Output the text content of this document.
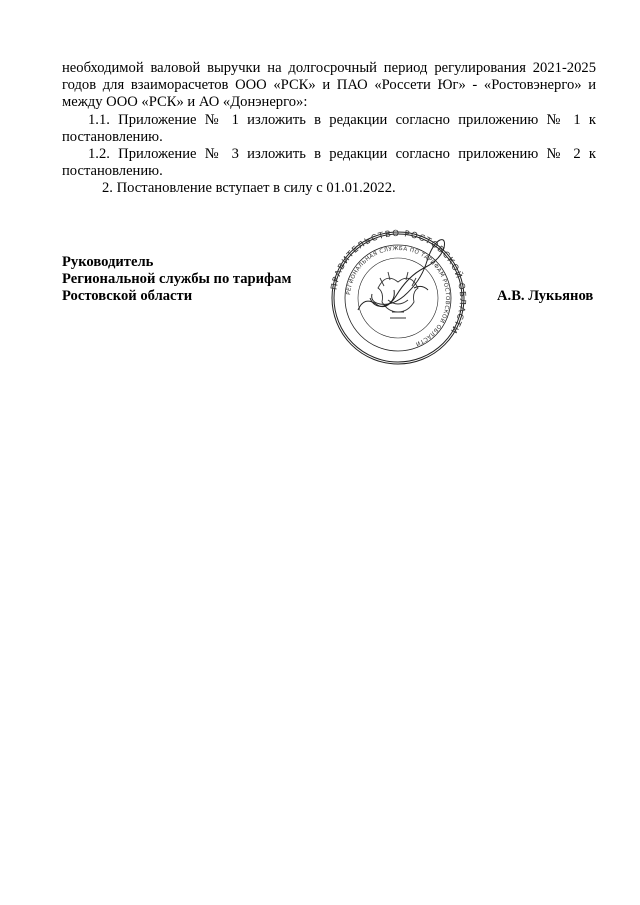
необходимой валовой выручки на долгосрочный период регулирования 2021-2025

годов для взаиморасчетов ООО «РСК» и ПАО «Россети Юг» - «Ростовэнерго» и

между ООО «РСК» и АО «Донэнерго»:

1.1. Приложение № 1 изложить в редакции согласно приложению № 1 к постановлению.

1.2. Приложение № 3 изложить в редакции согласно приложению № 2 к постановлению.

2. Постановление вступает в силу с 01.01.2022.

Руководитель
Региональной службы по тарифам
Ростовской области	А.В. Лукьянов
ПРАВИТЕЛЬСТВО РОСТОВСКОЙ ОБЛАСТИ
РЕГИОНАЛЬНАЯ СЛУЖБА ПО ТАРИФАМ РОСТОВСКОЙ ОБЛАСТИ
